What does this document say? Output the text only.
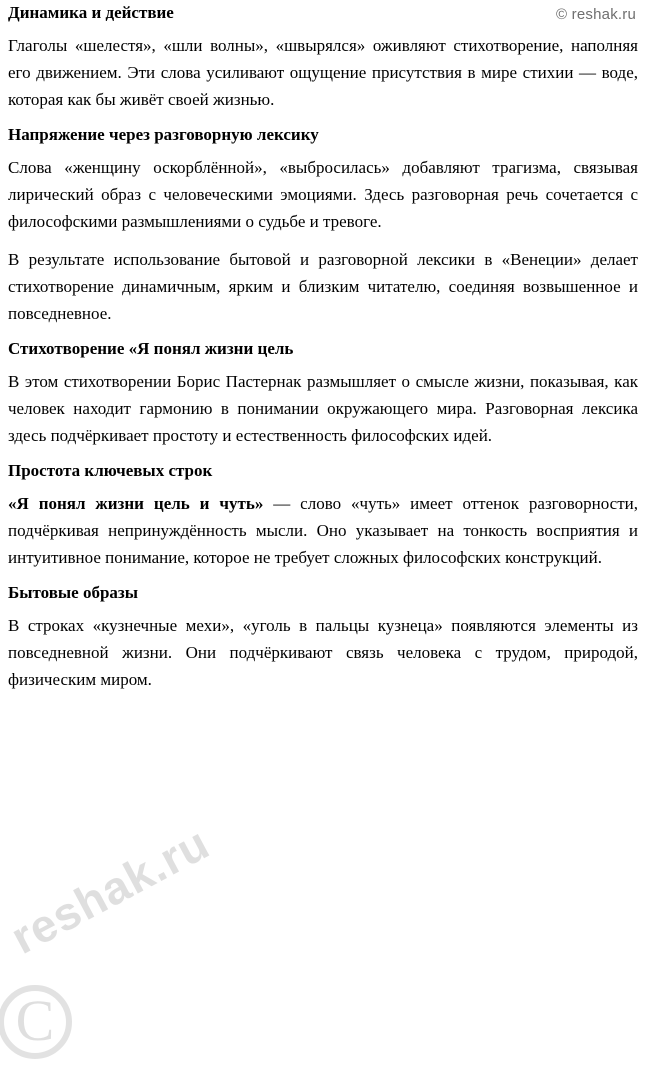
© reshak.ru
Динамика и действие

Глаголы «шелестя», «шли волны», «швырялся» оживляют стихотворение, наполняя его движением. Эти слова усиливают ощущение присутствия в мире стихии — воде, которая как бы живёт своей жизнью.

Напряжение через разговорную лексику

Слова «женщину оскорблённой», «выбросилась» добавляют трагизма, связывая лирический образ с человеческими эмоциями. Здесь разговорная речь сочетается с философскими размышлениями о судьбе и тревоге.

В результате использование бытовой и разговорной лексики в «Венеции» делает стихотворение динамичным, ярким и близким читателю, соединяя возвышенное и повседневное.

Стихотворение «Я понял жизни цель

В этом стихотворении Борис Пастернак размышляет о смысле жизни, показывая, как человек находит гармонию в понимании окружающего мира. Разговорная лексика здесь подчёркивает простоту и естественность философских идей.

Простота ключевых строк

«Я понял жизни цель и чуть» — слово «чуть» имеет оттенок разговорности, подчёркивая непринуждённость мысли. Оно указывает на тонкость восприятия и интуитивное понимание, которое не требует сложных философских конструкций.

Бытовые образы

В строках «кузнечные мехи», «уголь в пальцы кузнеца» появляются элементы из повседневной жизни. Они подчёркивают связь человека с трудом, природой, физическим миром.

reshak.ru
C
